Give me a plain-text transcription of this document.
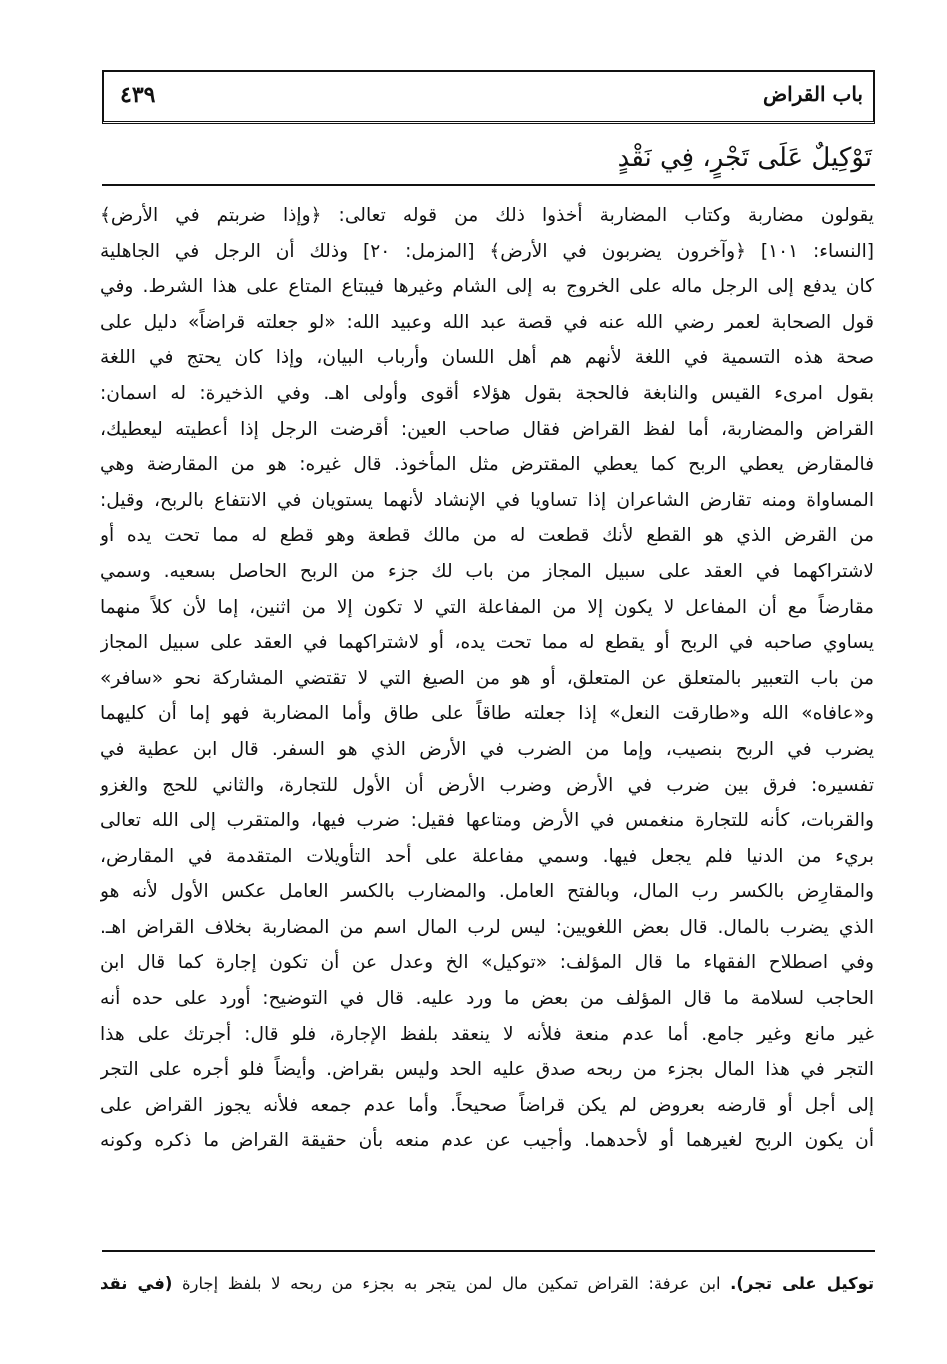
باب القراض
٤٣٩
تَوْكِيلٌ عَلَى تَجْرٍ، فِي نَقْدٍ
يقولون مضاربة وكتاب المضاربة أخذوا ذلك من قوله تعالى: ﴿وإذا ضربتم في الأرض﴾
[النساء: ١٠١] ﴿وآخرون يضربون في الأرض﴾ [المزمل: ٢٠] وذلك أن الرجل في الجاهلية
كان يدفع إلى الرجل ماله على الخروج به إلى الشام وغيرها فيبتاع المتاع على هذا الشرط. وفي
قول الصحابة لعمر رضي الله عنه في قصة عبد الله وعبيد الله: «لو جعلته قراضاً» دليل على
صحة هذه التسمية في اللغة لأنهم هم أهل اللسان وأرباب البيان، وإذا كان يحتج في اللغة
بقول امرىء القيس والنابغة فالحجة بقول هؤلاء أقوى وأولى اهـ. وفي الذخيرة: له اسمان:
القراض والمضاربة، أما لفظ القراض فقال صاحب العين: أقرضت الرجل إذا أعطيته ليعطيك،
فالمقارض يعطي الربح كما يعطي المقترض مثل المأخوذ. قال غيره: هو من المقارضة وهي
المساواة ومنه تقارض الشاعران إذا تساويا في الإنشاد لأنهما يستويان في الانتفاع بالربح، وقيل:
من القرض الذي هو القطع لأنك قطعت له من مالك قطعة وهو قطع له مما تحت يده أو
لاشتراكهما في العقد على سبيل المجاز من باب لك جزء من الربح الحاصل بسعيه. وسمي
مقارضاً مع أن المفاعل لا يكون إلا من المفاعلة التي لا تكون إلا من اثنين، إما لأن كلاً منهما
يساوي صاحبه في الربح أو يقطع له مما تحت يده، أو لاشتراكهما في العقد على سبيل المجاز
من باب التعبير بالمتعلق عن المتعلق، أو هو من الصيغ التي لا تقتضي المشاركة نحو «سافر»
و«عافاه» الله و«طارقت النعل» إذا جعلته طاقاً على طاق وأما المضاربة فهو إما أن كليهما
يضرب في الربح بنصيب، وإما من الضرب في الأرض الذي هو السفر. قال ابن عطية في
تفسيره: فرق بين ضرب في الأرض وضرب الأرض أن الأول للتجارة، والثاني للحج والغزو
والقربات، كأنه للتجارة منغمس في الأرض ومتاعها فقيل: ضرب فيها، والمتقرب إلى الله تعالى
بريء من الدنيا فلم يجعل فيها. وسمي مفاعلة على أحد التأويلات المتقدمة في المقارض،
والمقارِض بالكسر رب المال، وبالفتح العامل. والمضارب بالكسر العامل عكس الأول لأنه هو
الذي يضرب بالمال. قال بعض اللغويين: ليس لرب المال اسم من المضاربة بخلاف القراض اهـ.
وفي اصطلاح الفقهاء ما قال المؤلف: «توكيل» الخ وعدل عن أن تكون إجارة كما قال ابن
الحاجب لسلامة ما قال المؤلف من بعض ما ورد عليه. قال في التوضيح: أورد على حده أنه
غير مانع وغير جامع. أما عدم منعة فلأنه لا ينعقد بلفظ الإجارة، فلو قال: أجرتك على هذا
التجر في هذا المال بجزء من ربحه صدق عليه الحد وليس بقراض. وأيضاً فلو أجره على التجر
إلى أجل أو قارضه بعروض لم يكن قراضاً صحيحاً. وأما عدم جمعه فلأنه يجوز القراض على
أن يكون الربح لغيرهما أو لأحدهما. وأجيب عن عدم منعه بأن حقيقة القراض ما ذكره وكونه
توكيل على تجر). ابن عرفة: القراض تمكين مال لمن يتجر به بجزء من ربحه لا بلفظ إجارة (في نقد
